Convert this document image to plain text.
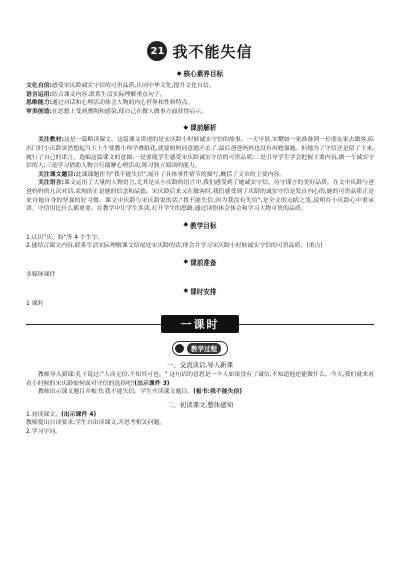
21 我不能失信
◆ 核心素养目标

文化自信:感受宋庆龄诚实守信的可贵品质,认同中华文化,提升文化自信。

语言运用:结合课文内容,联系生活实际理解重点句子。

思维能力:通过对话和心理活动体会人物的内心世界和性格特点。

审美创造:在思想上受到熏陶和感染,使自己在做人做事方面获得启示。

◆ 课前解析

关注教材:这是一篇略读课文。这篇课文讲述的是宋庆龄小时候诚实守信的故事。一天早晨,宋耀如一家准备到一位朋友家去做客,临出门时小庆龄突然想起当天上午要教小珍学叠纸花,就要妈妈同意她不去了,最后爸爸妈妈也没有再勉强她。但她为了守信还是留了下来,履行了自己的诺言。选编这篇课文的意图,一是要使学生感受宋庆龄诚实守信的可贵品质;二是引导学生学会把握主要内容,做一个诚实守信的人;三是学习借助人物言行揣摩心理活动,练习独立阅读的能力。

关注课文题目:此课课题作为"我不能失信",展开了具体事件情节的描写,概括了文章的主要内容。

关注语言:课文运用了大量的人物语言,尤其是从小庆龄的语言中,我们感受到了她诚实守信、待守谨言的美好品质。在文中庆龄与爸爸妈妈的几次对话,表现的正是她的信念和品德。宋庆龄后来又在做客时,我们感受到了庆龄的诚实守信是发自内心的,她的可贵品质正是来自她自身的坚强的好习惯。课文中庆龄与宋庆龄说的话,"我不能失信,因为我没有失信",是全文的点睛之笔,说明在小庆龄心中重承诺、守信用比什么都重要。在教学中让学生多读,打开学生的思路,通过读悟体会体会和学习人物可贵的品质。

◆ 教学目标

1.认识"庆、盼"等 4 个生字。

2.能结合课文内容,联系生活实际理解课文结尾处宋庆龄的话,体会并学习宋庆龄小时候诚实守信的可贵品质。(重点)

◆ 课前准备

多媒体课件

◆ 课时安排

1 课时

一课时
教学过程
一、交流谈话,导入新课

教师导入新课:孔子说过:"人而无信,不知其可也。" 这句话的意思是一个人如果没有了诚信,不知道他还能做什么。今天,我们就来看看小时候的宋庆龄如何面对守信的选择吧!(出示课件 3)

教师出示课文题目并板书:我不能失信。学生齐读课文题目。(板书:我不能失信)

二、初读课文,整体感知

1.初读课文。(出示课件 4)

教师提出自读要求,学生自由读课文,并思考相关问题。

2.学习字词。
